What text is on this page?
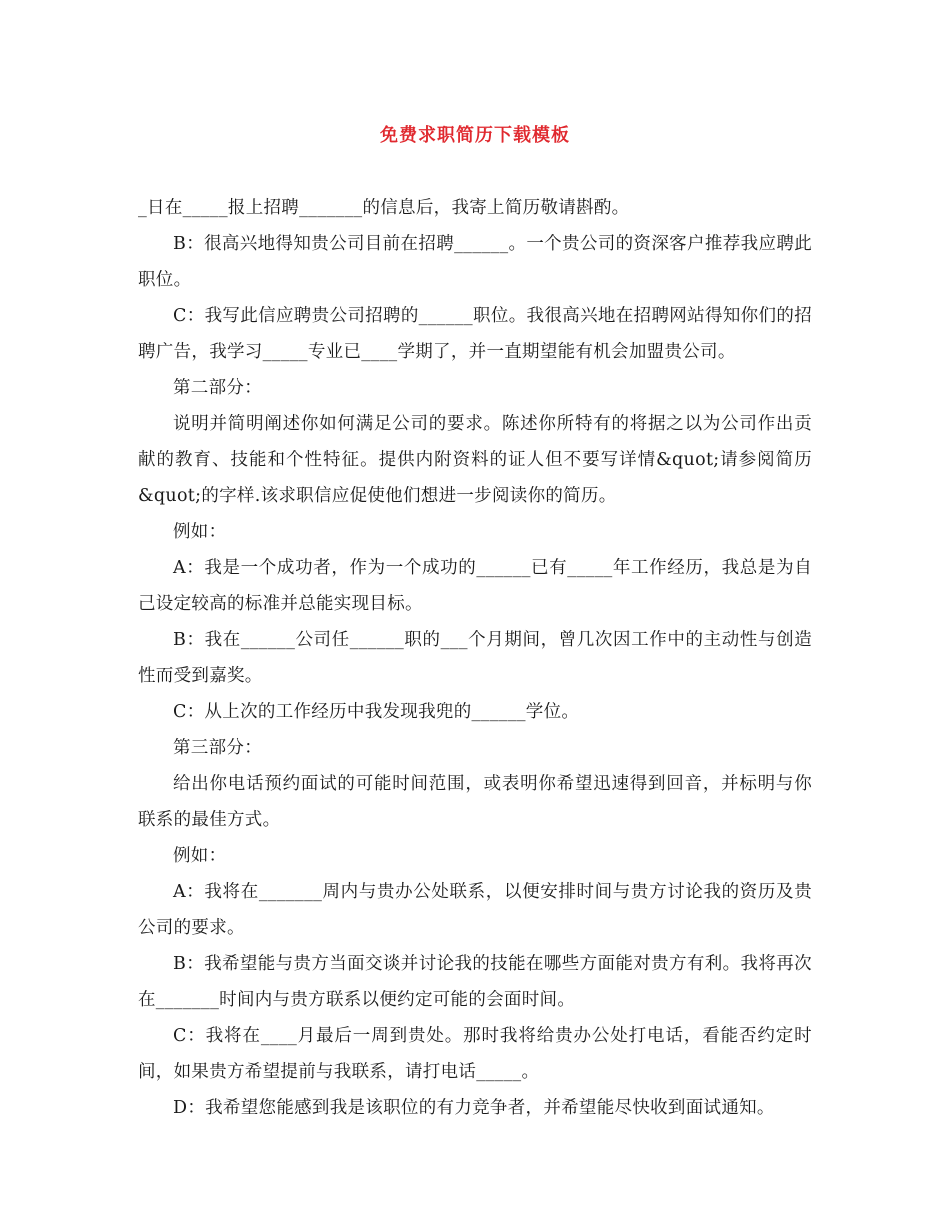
免费求职简历下载模板

_日在_____报上招聘_______的信息后，我寄上简历敬请斟酌。

B：很高兴地得知贵公司目前在招聘______。一个贵公司的资深客户推荐我应聘此职位。

C：我写此信应聘贵公司招聘的______职位。我很高兴地在招聘网站得知你们的招聘广告，我学习_____专业已____学期了，并一直期望能有机会加盟贵公司。

第二部分：

说明并简明阐述你如何满足公司的要求。陈述你所特有的将据之以为公司作出贡献的教育、技能和个性特征。提供内附资料的证人但不要写详情&quot;请参阅简历&quot;的字样.该求职信应促使他们想进一步阅读你的简历。

例如：

A：我是一个成功者，作为一个成功的______已有_____年工作经历，我总是为自己设定较高的标准并总能实现目标。

B：我在______公司任______职的___个月期间，曾几次因工作中的主动性与创造性而受到嘉奖。

C：从上次的工作经历中我发现我兜的______学位。

第三部分：

给出你电话预约面试的可能时间范围，或表明你希望迅速得到回音，并标明与你联系的最佳方式。

例如：

A：我将在_______周内与贵办公处联系，以便安排时间与贵方讨论我的资历及贵公司的要求。

B：我希望能与贵方当面交谈并讨论我的技能在哪些方面能对贵方有利。我将再次在_______时间内与贵方联系以便约定可能的会面时间。

C：我将在____月最后一周到贵处。那时我将给贵办公处打电话，看能否约定时间，如果贵方希望提前与我联系，请打电话_____。

D：我希望您能感到我是该职位的有力竞争者，并希望能尽快收到面试通知。
